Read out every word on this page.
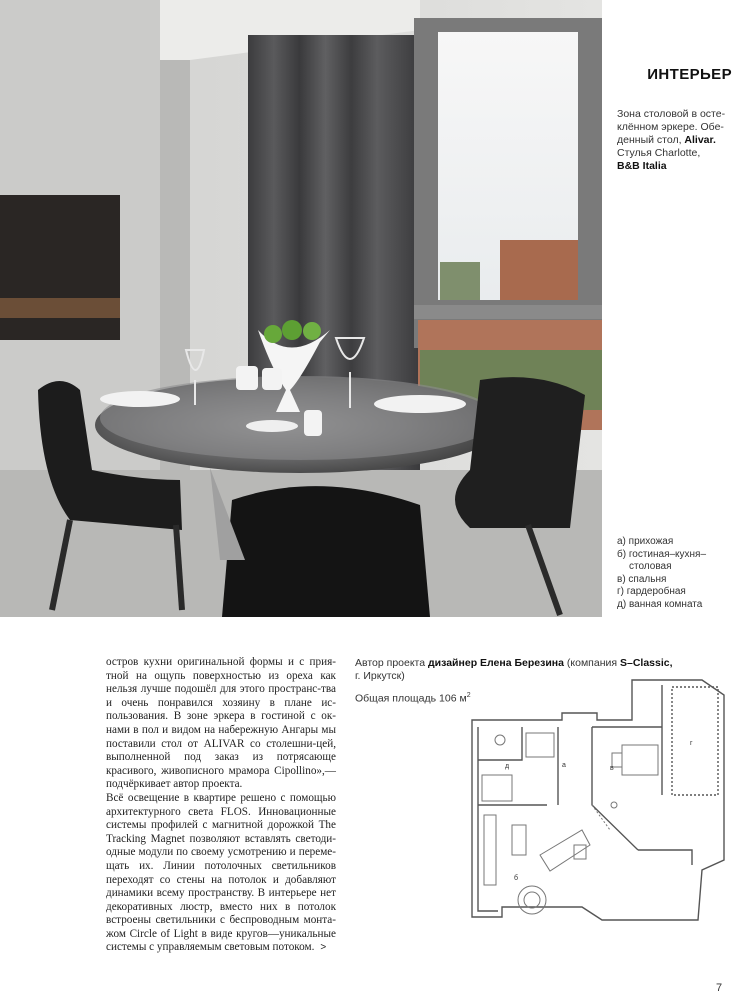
ИНТЕРЬЕР
Зона столовой в осте-
клённом эркере. Обе-
денный стол, Alivar.
Стулья Charlotte,
B&B Italia
а) прихожая
б) гостиная–кухня–
столовая
в) спальня
г) гардеробная
д) ванная комната

остров кухни оригинальной формы и с прия-тной на ощупь поверхностью из ореха как нельзя лучше подошёл для этого пространс-тва и очень понравился хозяину в плане ис-пользования. В зоне эркера в гостиной с ок-нами в пол и видом на набережную Ангары мы поставили стол от ALIVAR со столешни-цей, выполненной под заказ из потрясающе красивого, живописного мрамора Cipollino»,— подчёркивает автор проекта.

Всё освещение в квартире решено с помощью архитектурного света FLOS. Инновационные системы профилей с магнитной дорожкой The Tracking Magnet позволяют вставлять светоди-одные модули по своему усмотрению и переме-щать их. Линии потолочных светильников переходят со стены на потолок и добавляют динамики всему пространству. В интерьере нет декоративных люстр, вместо них в потолок встроены светильники с беспроводным монта-жом Circle of Light в виде кругов—уникальные системы с управляемым световым потоком. >

Автор проекта дизайнер Елена Березина (компания S–Classic,
г. Иркутск)
Общая площадь 106 $м^2$
а
б
в
г
д
7
